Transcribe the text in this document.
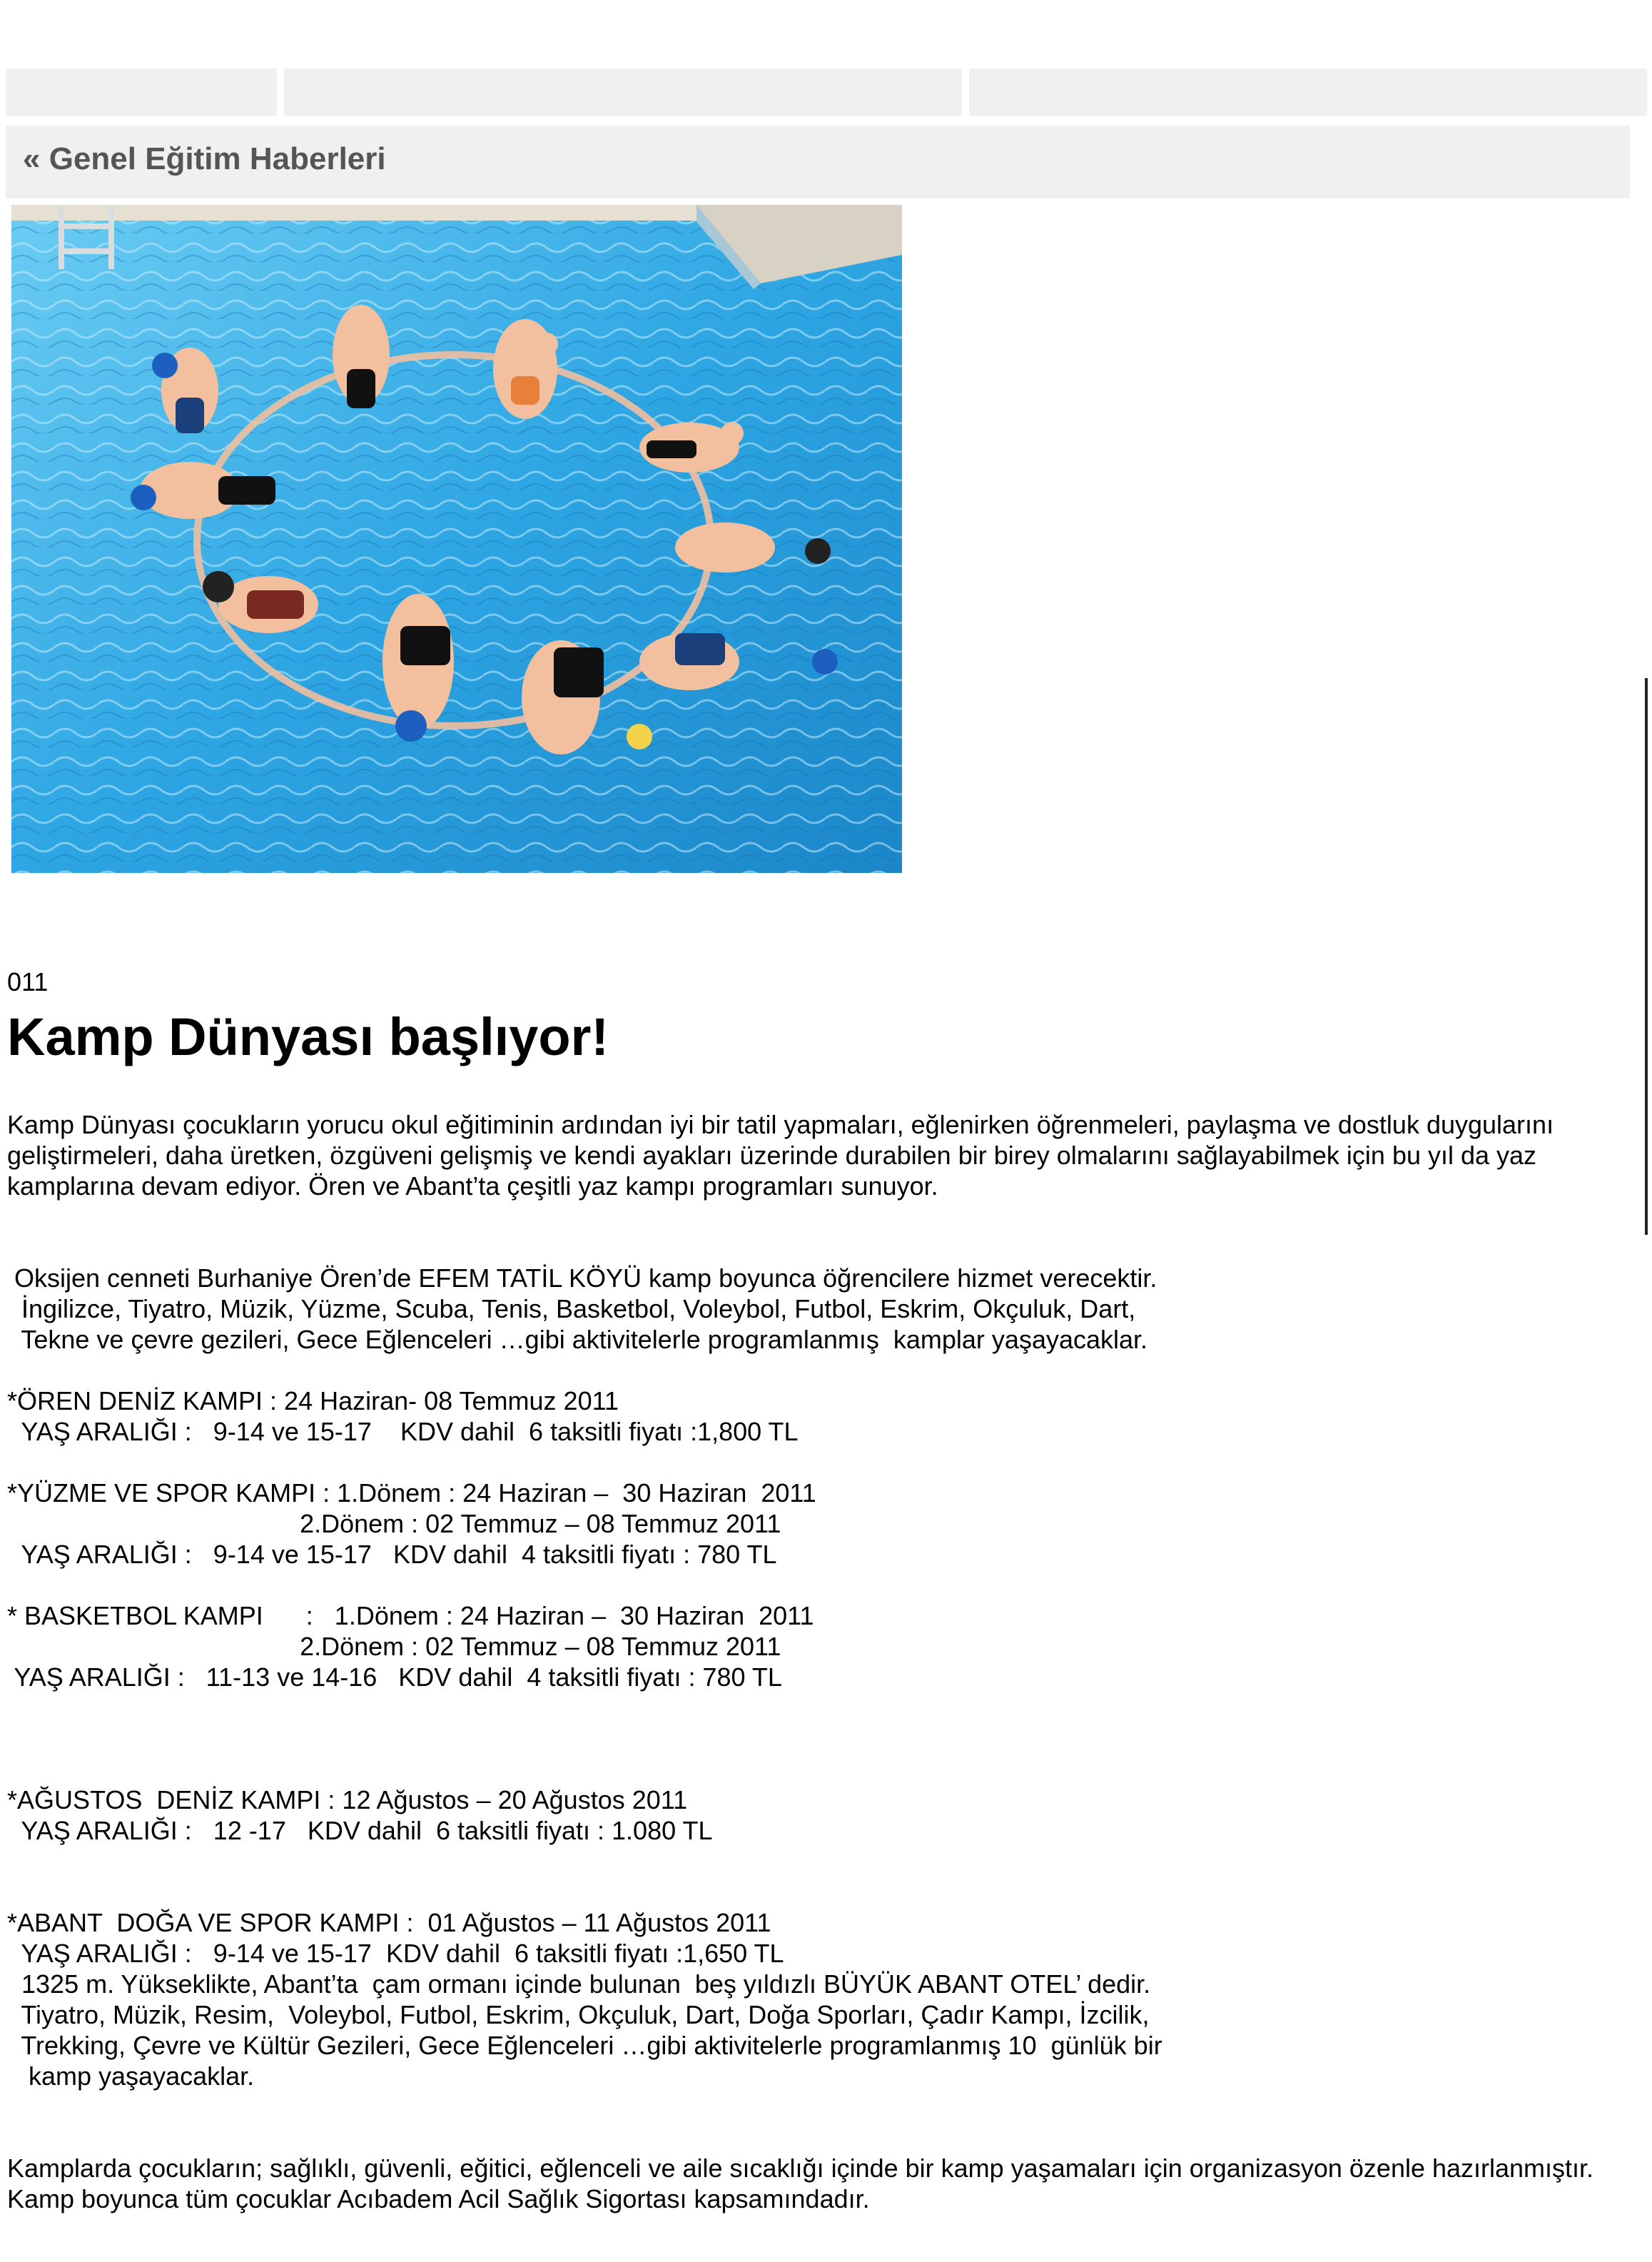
« Genel Eğitim Haberleri
011
Kamp Dünyası başlıyor!

Kamp Dünyası çocukların yorucu okul eğitiminin ardından iyi bir tatil yapmaları, eğlenirken öğrenmeleri, paylaşma ve dostluk duygularını geliştirmeleri, daha üretken, özgüveni gelişmiş ve kendi ayakları üzerinde durabilen bir birey olmalarını sağlayabilmek için bu yıl da yaz kamplarına devam ediyor. Ören ve Abant’ta çeşitli yaz kampı programları sunuyor.

Oksijen cenneti Burhaniye Ören’de EFEM TATİL KÖYÜ kamp boyunca öğrencilere hizmet verecektir.

İngilizce, Tiyatro, Müzik, Yüzme, Scuba, Tenis, Basketbol, Voleybol, Futbol, Eskrim, Okçuluk, Dart,

Tekne ve çevre gezileri, Gece Eğlenceleri …gibi aktivitelerle programlanmış  kamplar yaşayacaklar.

*ÖREN DENİZ KAMPI : 24 Haziran- 08 Temmuz 2011

YAŞ ARALIĞI :   9-14 ve 15-17    KDV dahil  6 taksitli fiyatı :1,800 TL

*YÜZME VE SPOR KAMPI : 1.Dönem : 24 Haziran –  30 Haziran  2011

2.Dönem : 02 Temmuz – 08 Temmuz 2011

YAŞ ARALIĞI :   9-14 ve 15-17   KDV dahil  4 taksitli fiyatı : 780 TL

* BASKETBOL KAMPI      :   1.Dönem : 24 Haziran –  30 Haziran  2011

2.Dönem : 02 Temmuz – 08 Temmuz 2011

YAŞ ARALIĞI :   11-13 ve 14-16   KDV dahil  4 taksitli fiyatı : 780 TL

*AĞUSTOS  DENİZ KAMPI : 12 Ağustos – 20 Ağustos 2011

YAŞ ARALIĞI :   12 -17   KDV dahil  6 taksitli fiyatı : 1.080 TL

*ABANT  DOĞA VE SPOR KAMPI :  01 Ağustos – 11 Ağustos 2011

YAŞ ARALIĞI :   9-14 ve 15-17  KDV dahil  6 taksitli fiyatı :1,650 TL

1325 m. Yükseklikte, Abant’ta  çam ormanı içinde bulunan  beş yıldızlı BÜYÜK ABANT OTEL’ dedir.

Tiyatro, Müzik, Resim,  Voleybol, Futbol, Eskrim, Okçuluk, Dart, Doğa Sporları, Çadır Kampı, İzcilik,

Trekking, Çevre ve Kültür Gezileri, Gece Eğlenceleri …gibi aktivitelerle programlanmış 10  günlük bir

kamp yaşayacaklar.

Kamplarda çocukların; sağlıklı, güvenli, eğitici, eğlenceli ve aile sıcaklığı içinde bir kamp yaşamaları için organizasyon özenle hazırlanmıştır. Kamp boyunca tüm çocuklar Acıbadem Acil Sağlık Sigortası kapsamındadır.
